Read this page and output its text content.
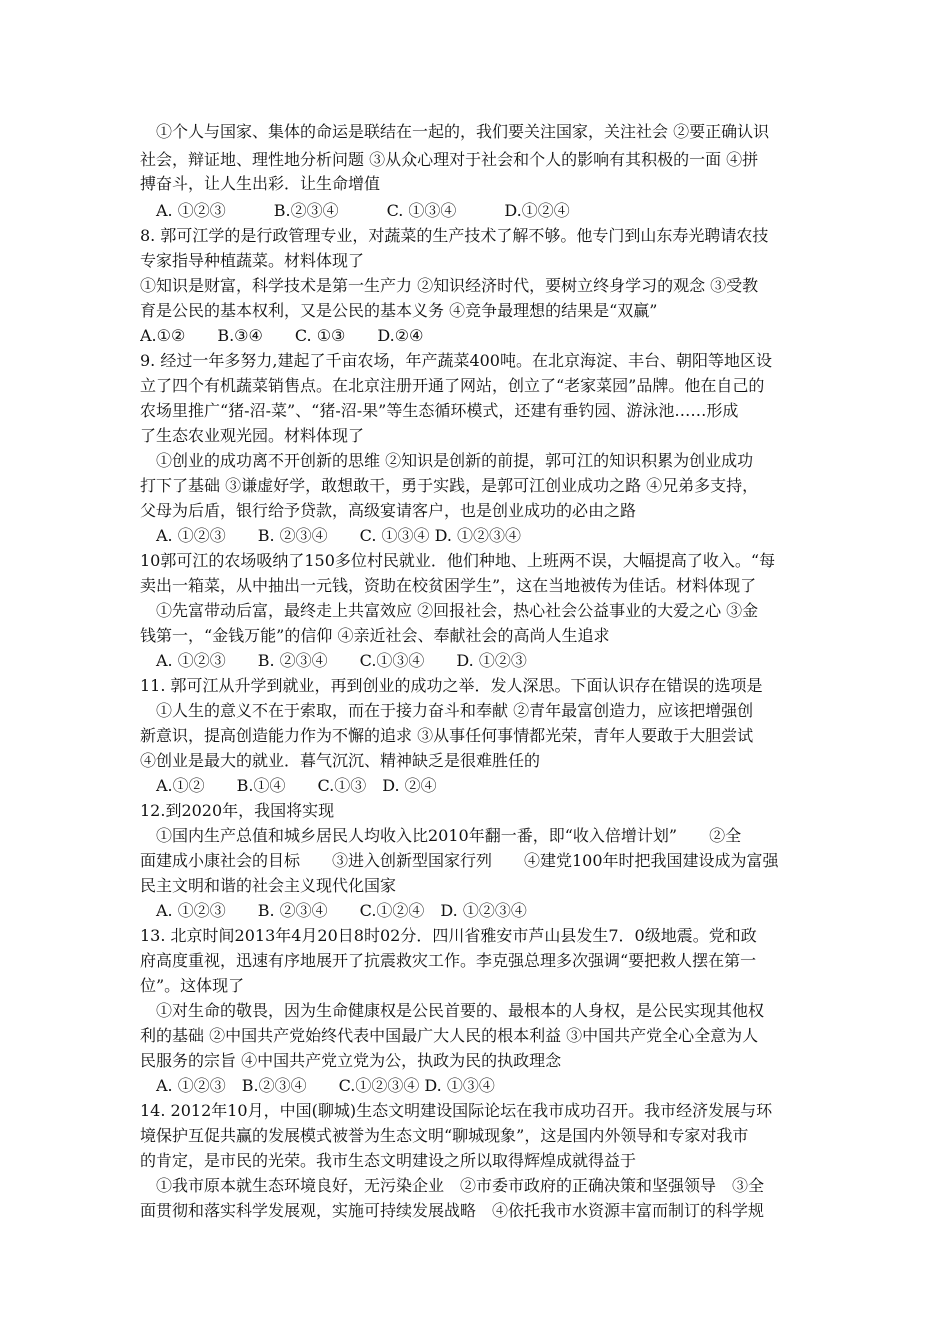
　①个人与国家、集体的命运是联结在一起的，我们要关注国家，关注社会 ②要正确认识
社会，辩证地、理性地分析问题 ③从众心理对于社会和个人的影响有其积极的一面 ④拼
搏奋斗，让人生出彩．让生命增值
　A. ①②③　　　B.②③④　　　C. ①③④　　　D.①②④
8. 郭可江学的是行政管理专业，对蔬菜的生产技术了解不够。他专门到山东寿光聘请农技
专家指导种植蔬菜。材料体现了
①知识是财富，科学技术是第一生产力 ②知识经济时代，要树立终身学习的观念 ③受教
育是公民的基本权利，又是公民的基本义务 ④竞争最理想的结果是“双赢”
A.①②　　B.③④　　C. ①③　　D.②④
9. 经过一年多努力,建起了千亩农场，年产蔬菜400吨。在北京海淀、丰台、朝阳等地区设
立了四个有机蔬菜销售点。在北京注册开通了网站，创立了“老家菜园”品牌。他在自己的
农场里推广“猪-沼-菜”、“猪-沼-果”等生态循环模式，还建有垂钓园、游泳池……形成
了生态农业观光园。材料体现了
　①创业的成功离不开创新的思维 ②知识是创新的前提，郭可江的知识积累为创业成功
打下了基础 ③谦虚好学，敢想敢干，勇于实践，是郭可江创业成功之路 ④兄弟多支持，
父母为后盾，银行给予贷款，高级宴请客户，也是创业成功的必由之路
　A. ①②③　　B. ②③④　　C. ①③④ D. ①②③④
10郭可江的农场吸纳了150多位村民就业．他们种地、上班两不误，大幅提高了收入。“每
卖出一箱菜，从中抽出一元钱，资助在校贫困学生”，这在当地被传为佳话。材料体现了
　①先富带动后富，最终走上共富效应 ②回报社会，热心社会公益事业的大爱之心 ③金
钱第一，“金钱万能”的信仰 ④亲近社会、奉献社会的高尚人生追求
　A. ①②③　　B. ②③④　　C.①③④　　D. ①②③
11. 郭可江从升学到就业，再到创业的成功之举．发人深思。下面认识存在错误的选项是
　①人生的意义不在于索取，而在于接力奋斗和奉献 ②青年最富创造力，应该把增强创
新意识，提高创造能力作为不懈的追求 ③从事任何事情都光荣，青年人要敢于大胆尝试
④创业是最大的就业．暮气沉沉、精神缺乏是很难胜任的
　A.①②　　B.①④　　C.①③　D. ②④
12.到2020年，我国将实现
　①国内生产总值和城乡居民人均收入比2010年翻一番，即“收入倍增计划”　　②全
面建成小康社会的目标　　③进入创新型国家行列　　④建党100年时把我国建设成为富强
民主文明和谐的社会主义现代化国家
　A. ①②③　　B. ②③④　　C.①②④　D. ①②③④
13. 北京时间2013年4月20日8时02分．四川省雅安市芦山县发生7．0级地震。党和政
府高度重视，迅速有序地展开了抗震救灾工作。李克强总理多次强调“要把救人摆在第一
位”。这体现了
　①对生命的敬畏，因为生命健康权是公民首要的、最根本的人身权，是公民实现其他权
利的基础 ②中国共产党始终代表中国最广大人民的根本利益 ③中国共产党全心全意为人
民服务的宗旨 ④中国共产党立党为公，执政为民的执政理念
　A. ①②③　B.②③④　　C.①②③④ D. ①③④
14. 2012年10月，中国(聊城)生态文明建设国际论坛在我市成功召开。我市经济发展与环
境保护互促共赢的发展模式被誉为生态文明“聊城现象”，这是国内外领导和专家对我市
的肯定，是市民的光荣。我市生态文明建设之所以取得辉煌成就得益于
　①我市原本就生态环境良好，无污染企业　②市委市政府的正确决策和坚强领导　③全
面贯彻和落实科学发展观，实施可持续发展战略　④依托我市水资源丰富而制订的科学规
